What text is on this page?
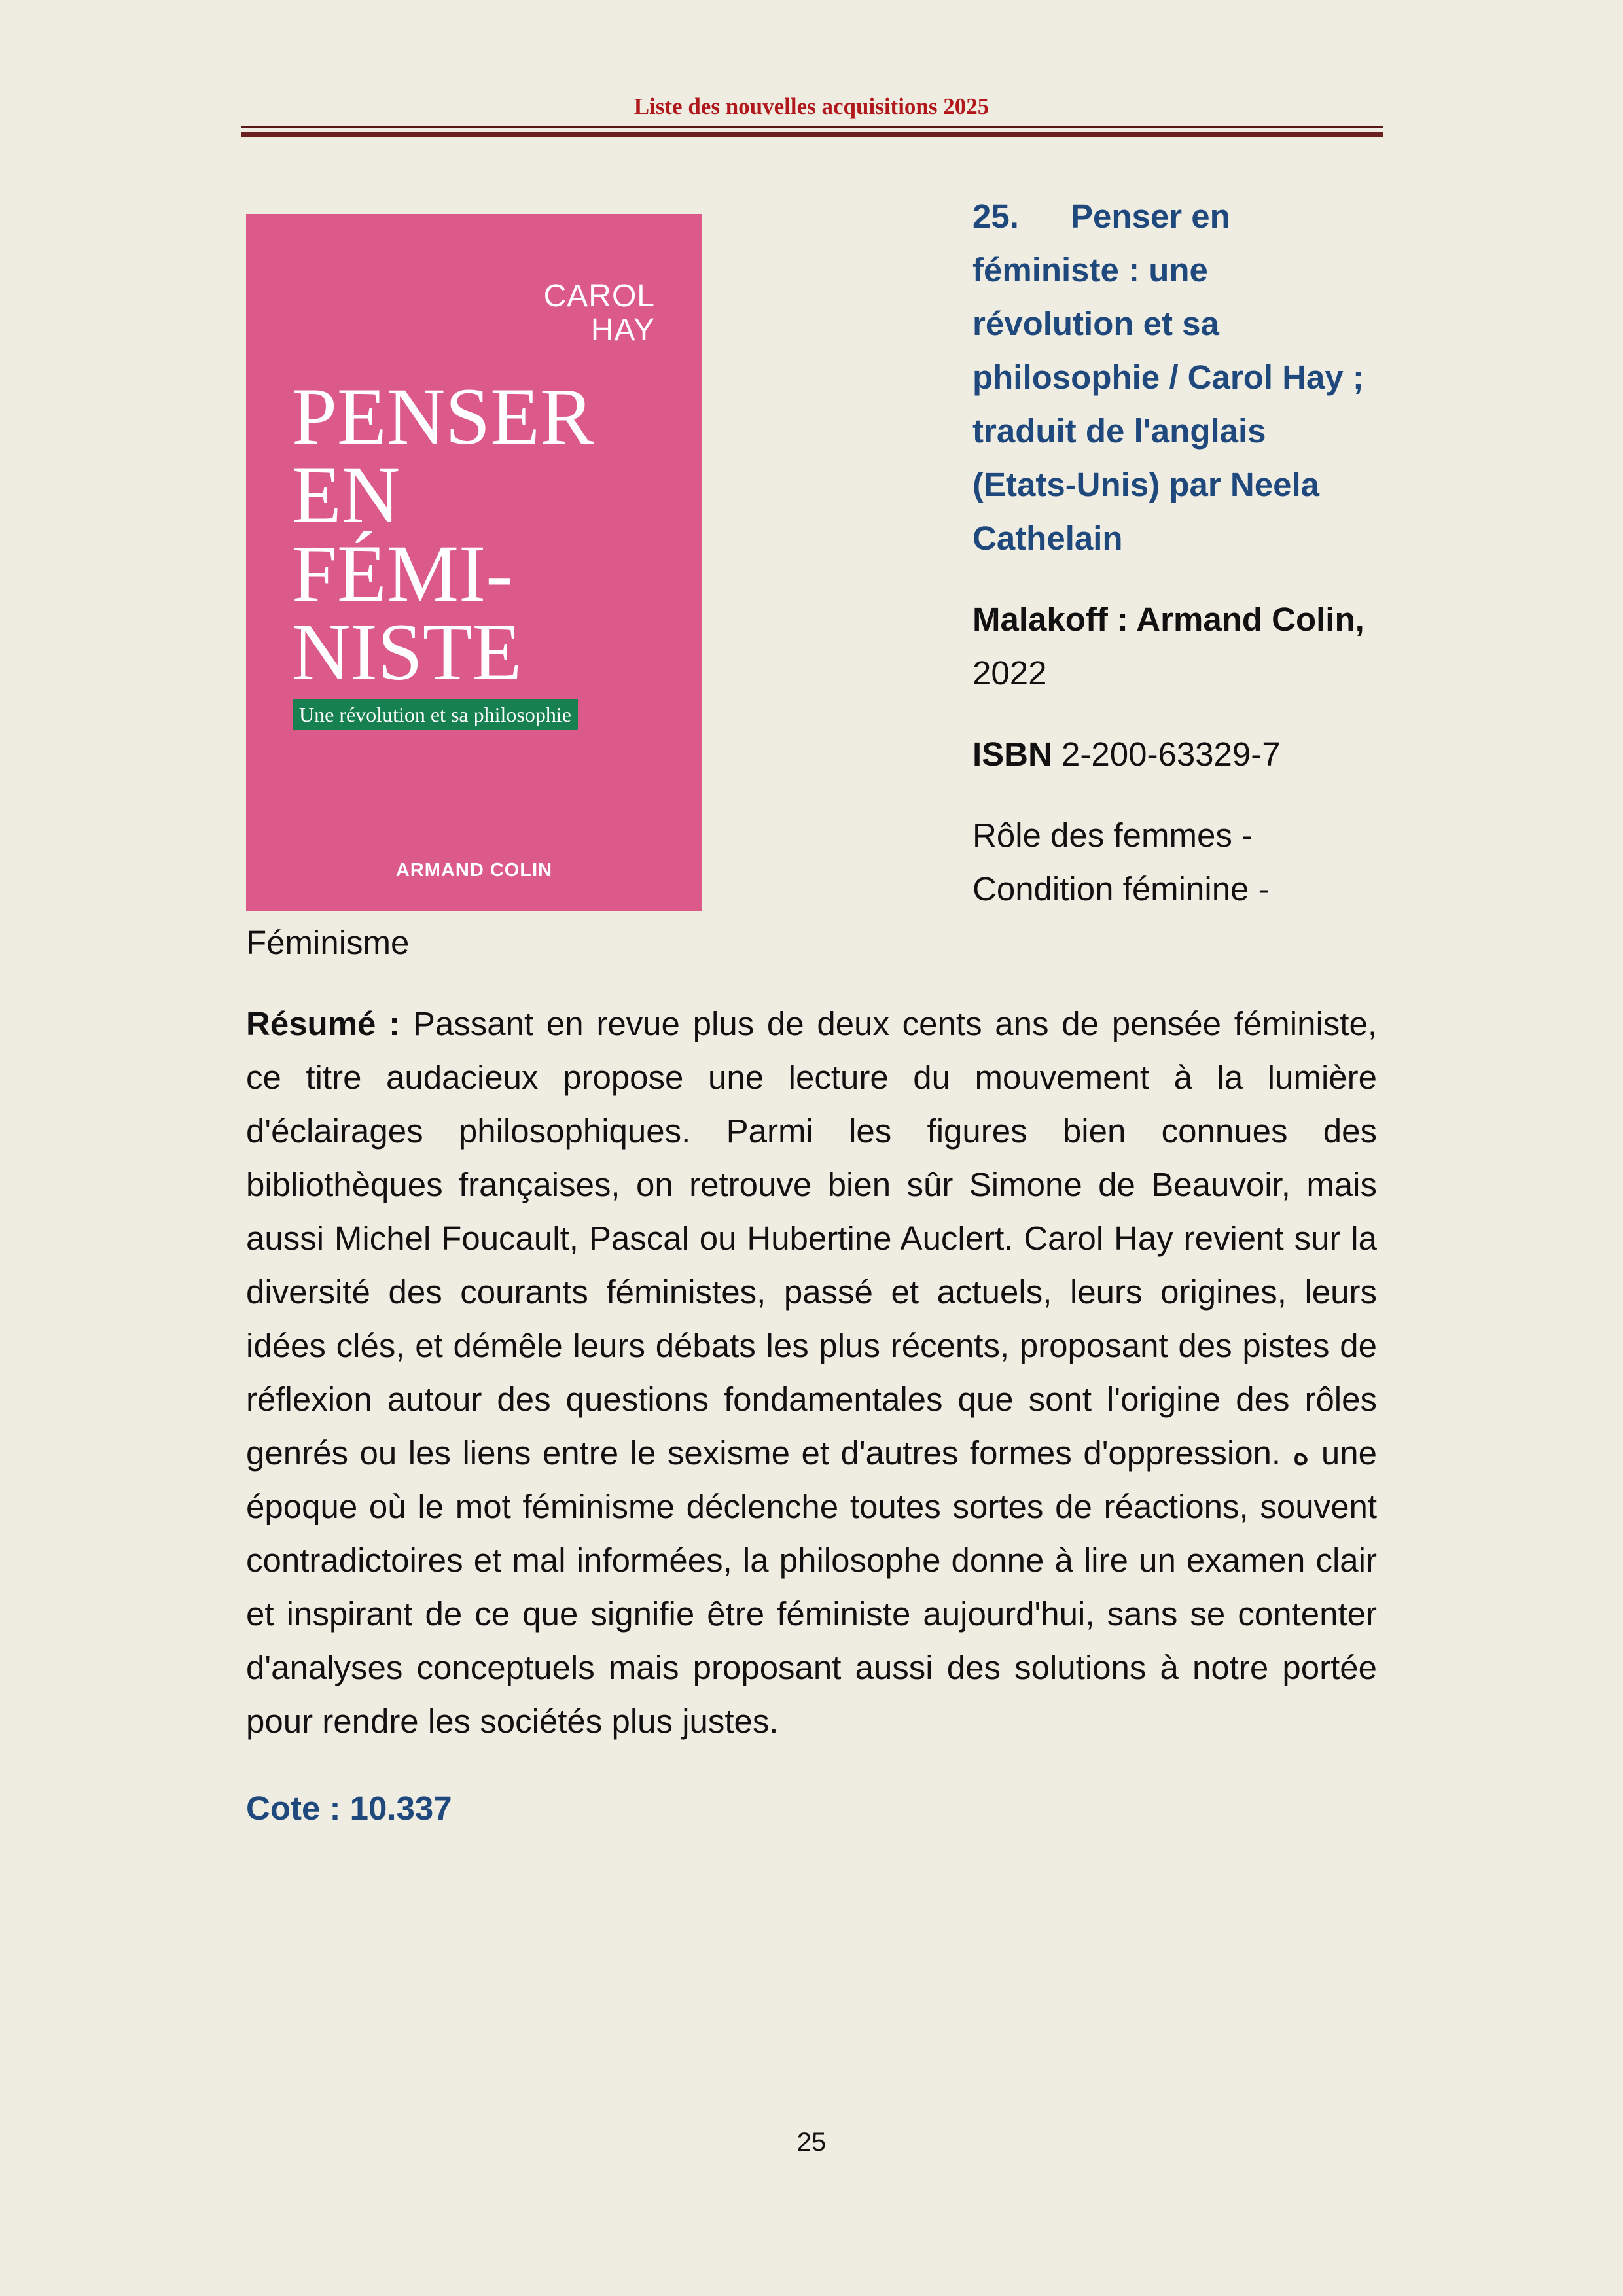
Liste des nouvelles acquisitions 2025
CAROL
HAY
PENSER
EN
FÉMI-
NISTE
Une révolution et sa philosophie
ARMAND COLIN

25. Penser en féministe : une révolution et sa philosophie / Carol Hay ; traduit de l'anglais (Etats-Unis) par Neela Cathelain

Malakoff : Armand Colin, 2022

ISBN 2-200-63329-7

Rôle des femmes - Condition féminine - Féminisme

Résumé : Passant en revue plus de deux cents ans de pensée féministe, ce titre audacieux propose une lecture du mouvement à la lumière d'éclairages philosophiques. Parmi les figures bien connues des bibliothèques françaises, on retrouve bien sûr Simone de Beauvoir, mais aussi Michel Foucault, Pascal ou Hubertine Auclert. Carol Hay revient sur la diversité des courants féministes, passé et actuels, leurs origines, leurs idées clés, et démêle leurs débats les plus récents, proposant des pistes de réflexion autour des questions fondamentales que sont l'origine des rôles genrés ou les liens entre le sexisme et d'autres formes d'oppression. ﻩ une époque où le mot féminisme déclenche toutes sortes de réactions, souvent contradictoires et mal informées, la philosophe donne à lire un examen clair et inspirant de ce que signifie être féministe aujourd'hui, sans se contenter d'analyses conceptuels mais proposant aussi des solutions à notre portée pour rendre les sociétés plus justes.

Cote : 10.337

25
